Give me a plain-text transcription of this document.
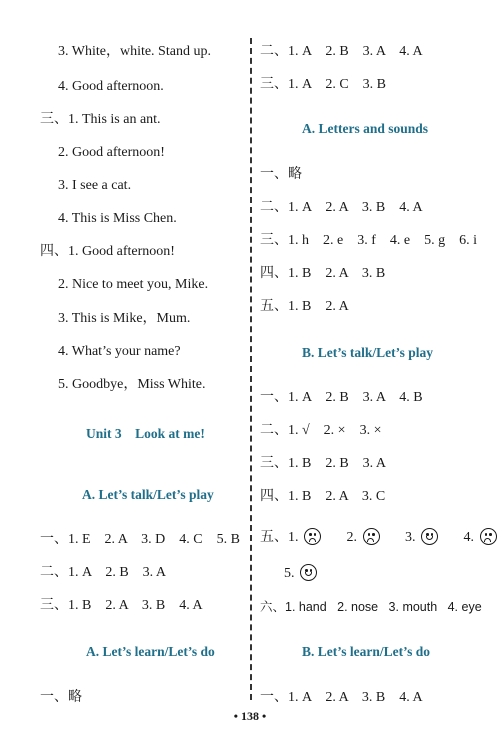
3. White，white. Stand up.
4. Good afternoon.
三、1. This is an ant.
2. Good afternoon!
3. I see a cat.
4. This is Miss Chen.
四、1. Good afternoon!
2. Nice to meet you, Mike.
3. This is Mike，Mum.
4. What’s your name?
5. Goodbye，Miss White.
Unit 3    Look at me!
A. Let’s talk/Let’s play
一、1. E    2. A    3. D    4. C    5. B
二、1. A    2. B    3. A
三、1. B    2. A    3. B    4. A
A. Let’s learn/Let’s do
一、略
二、1. A    2. B    3. A    4. A
三、1. A    2. C    3. B
A. Letters and sounds
一、略
二、1. A    2. A    3. B    4. A
三、1. h    2. e    3. f    4. e    5. g    6. i
四、1. B    2. A    3. B
五、1. B    2. A
B. Let’s talk/Let’s play
一、1. A    2. B    3. A    4. B
二、1. √    2. ×    3. ×
三、1. B    2. B    3. A
四、1. B    2. A    3. C
五、1.	2.	3.	4.
5.
六、1. hand   2. nose   3. mouth   4. eye
B. Let’s learn/Let’s do
一、1. A    2. A    3. B    4. A
• 138 •
